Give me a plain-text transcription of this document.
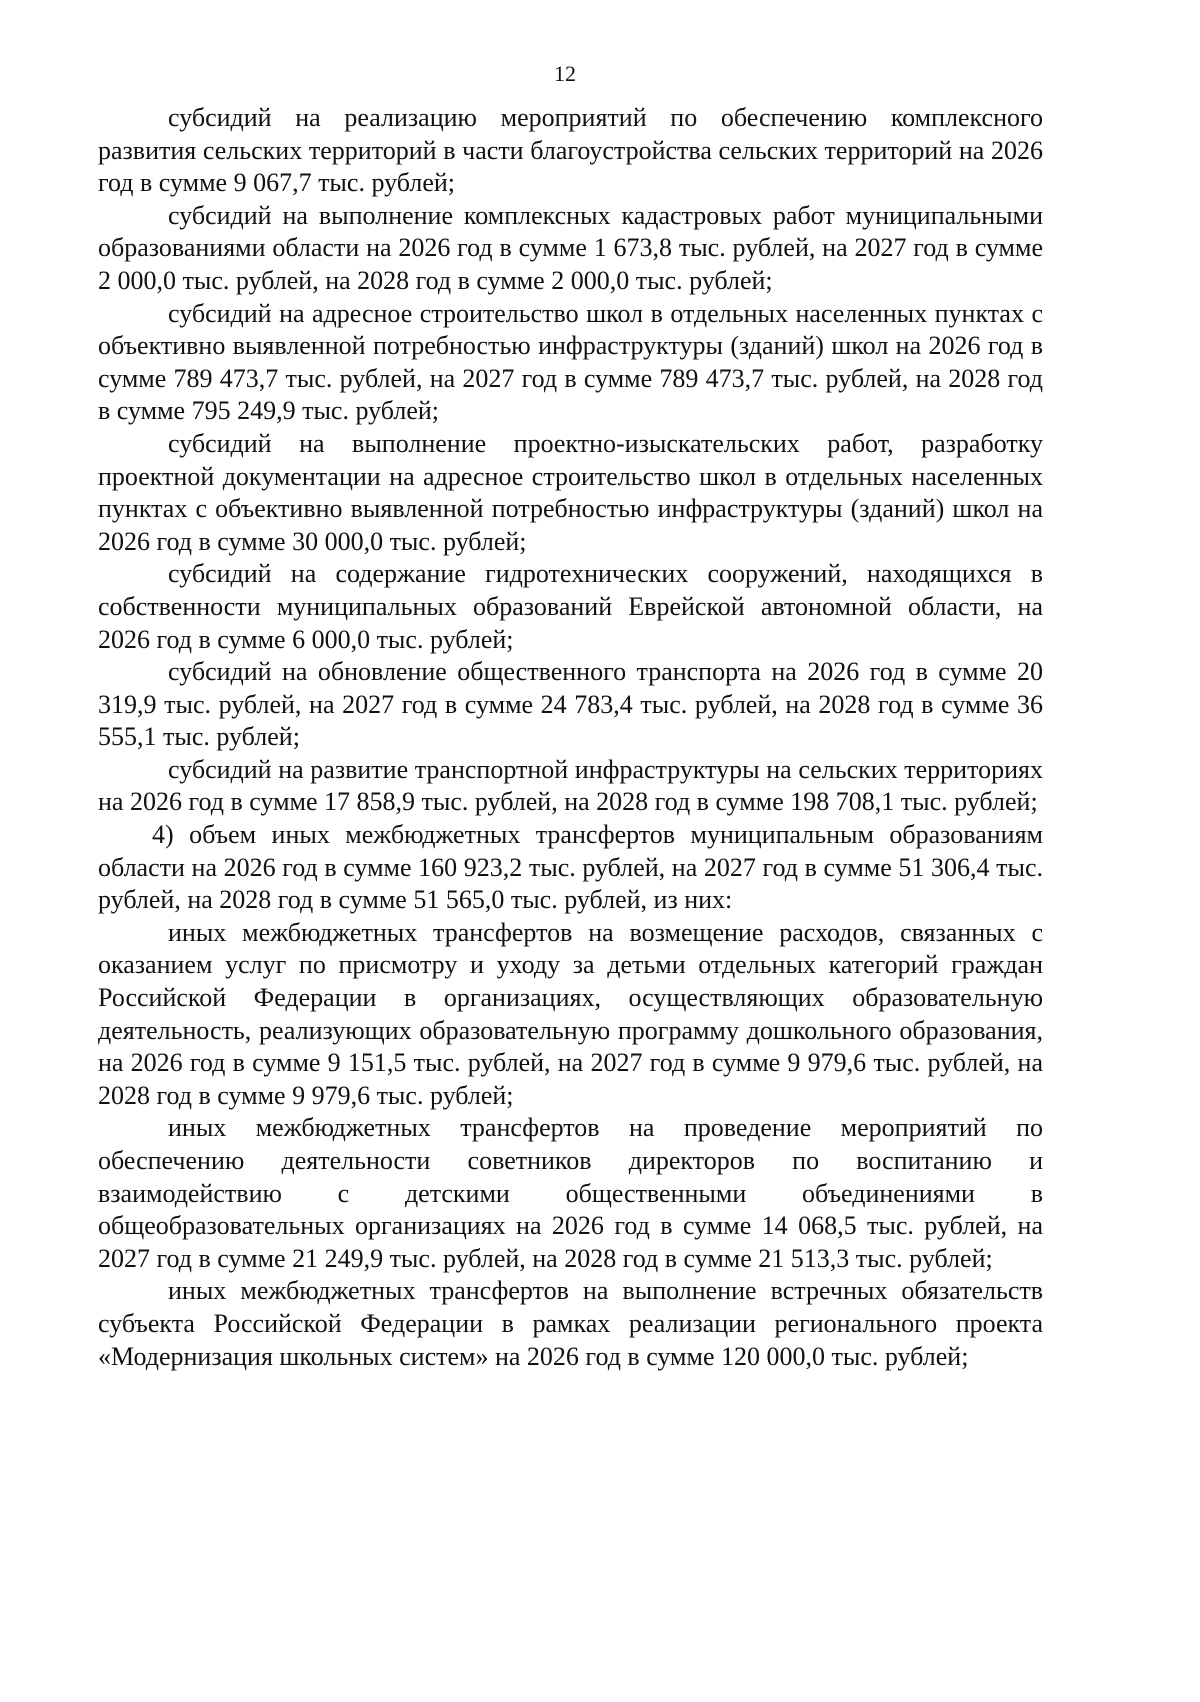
12

субсидий на реализацию мероприятий по обеспечению комплексного развития сельских территорий в части благоустройства сельских территорий на 2026 год в сумме 9 067,7 тыс. рублей;

субсидий на выполнение комплексных кадастровых работ муниципальными образованиями области на 2026 год в сумме 1 673,8 тыс. рублей, на 2027 год в сумме 2 000,0 тыс. рублей, на 2028 год в сумме 2 000,0 тыс. рублей;

субсидий на адресное строительство школ в отдельных населенных пунктах с объективно выявленной потребностью инфраструктуры (зданий) школ на 2026 год в сумме 789 473,7 тыс. рублей, на 2027 год в сумме 789 473,7 тыс. рублей, на 2028 год в сумме 795 249,9 тыс. рублей;

субсидий на выполнение проектно-изыскательских работ, разработку проектной документации на адресное строительство школ в отдельных населенных пунктах с объективно выявленной потребностью инфраструктуры (зданий) школ на 2026 год в сумме 30 000,0 тыс. рублей;

субсидий на содержание гидротехнических сооружений, находящихся в собственности муниципальных образований Еврейской автономной области, на 2026 год в сумме 6 000,0 тыс. рублей;

субсидий на обновление общественного транспорта на 2026 год в сумме 20 319,9 тыс. рублей, на 2027 год в сумме 24 783,4 тыс. рублей, на 2028 год в сумме 36 555,1 тыс. рублей;

субсидий на развитие транспортной инфраструктуры на сельских территориях на 2026 год в сумме 17 858,9 тыс. рублей, на 2028 год в сумме 198 708,1 тыс. рублей;

4) объем иных межбюджетных трансфертов муниципальным образованиям области на 2026 год в сумме 160 923,2 тыс. рублей, на 2027 год в сумме 51 306,4 тыс. рублей, на 2028 год в сумме 51 565,0 тыс. рублей, из них:

иных межбюджетных трансфертов на возмещение расходов, связанных с оказанием услуг по присмотру и уходу за детьми отдельных категорий граждан Российской Федерации в организациях, осуществляющих образовательную деятельность, реализующих образовательную программу дошкольного образования, на 2026 год в сумме 9 151,5 тыс. рублей, на 2027 год в сумме 9 979,6 тыс. рублей, на 2028 год в сумме 9 979,6 тыс. рублей;

иных межбюджетных трансфертов на проведение мероприятий по обеспечению деятельности советников директоров по воспитанию и взаимодействию с детскими общественными объединениями в общеобразовательных организациях на 2026 год в сумме 14 068,5 тыс. рублей, на 2027 год в сумме 21 249,9 тыс. рублей, на 2028 год в сумме 21 513,3 тыс. рублей;

иных межбюджетных трансфертов на выполнение встречных обязательств субъекта Российской Федерации в рамках реализации регионального проекта «Модернизация школьных систем» на 2026 год в сумме 120 000,0 тыс. рублей;
